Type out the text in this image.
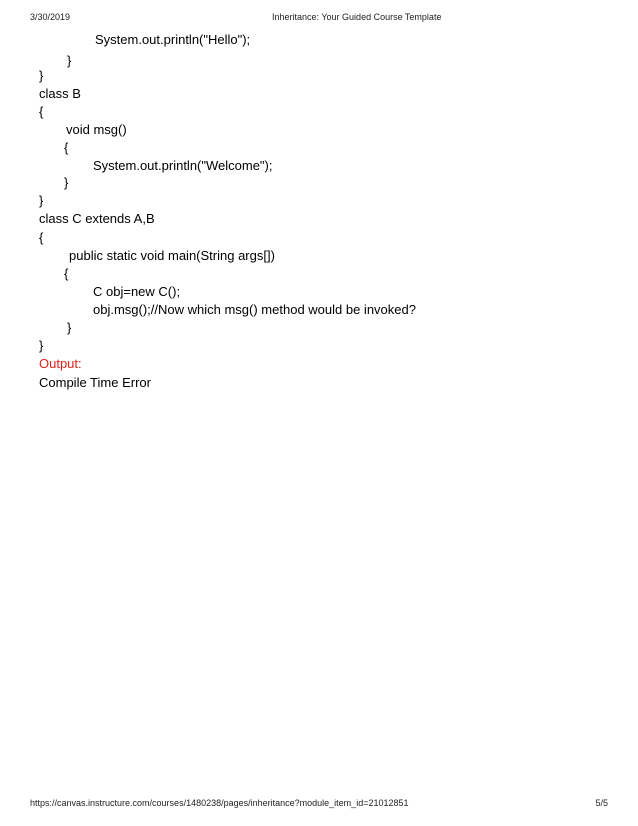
3/30/2019	Inheritance: Your Guided Course Template
System.out.println("Hello");
}
}
class B
{
void msg()
{
System.out.println("Welcome");
}
}
class C extends A,B
{
public static void main(String args[])
{
C obj=new C();
obj.msg();//Now which msg() method would be invoked?
}
}
Output:
Compile Time Error
https://canvas.instructure.com/courses/1480238/pages/inheritance?module_item_id=21012851	5/5
